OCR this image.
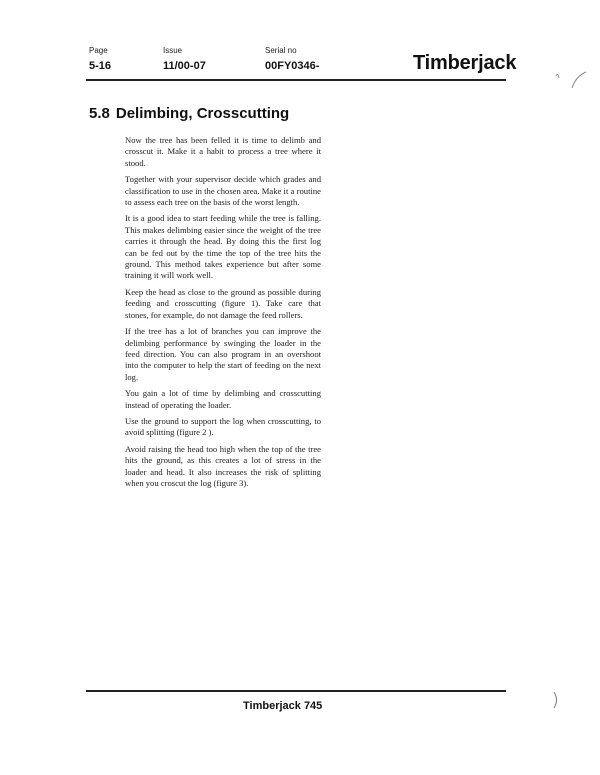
Page
5-16
Issue
11/00-07
Serial no
00FY0346-	Timberjack
5.8 Delimbing, Crosscutting

Now the tree has been felled it is time to delimb and crosscut it. Make it a habit to process a tree where it stood.

Together with your supervisor decide which grades and classification to use in the chosen area. Make it a routine to assess each tree on the basis of the worst length.

It is a good idea to start feeding while the tree is falling. This makes delimbing easier since the weight of the tree carries it through the head. By doing this the first log can be fed out by the time the top of the tree hits the ground. This method takes experience but after some training it will work well.

Keep the head as close to the ground as possible during feeding and crosscutting (figure 1). Take care that stones, for example, do not damage the feed rollers.

If the tree has a lot of branches you can improve the delimbing performance by swinging the loader in the feed direction. You can also program in an overshoot into the computer to help the start of feeding on the next log.

You gain a lot of time by delimbing and crosscutting instead of operating the loader.

Use the ground to support the log when crosscutting, to avoid splitting (figure 2 ).

Avoid raising the head too high when the top of the tree hits the ground, as this creates a lot of stress in the loader and head. It also increases the risk of splitting when you croscut the log (figure 3).

Timberjack 745
